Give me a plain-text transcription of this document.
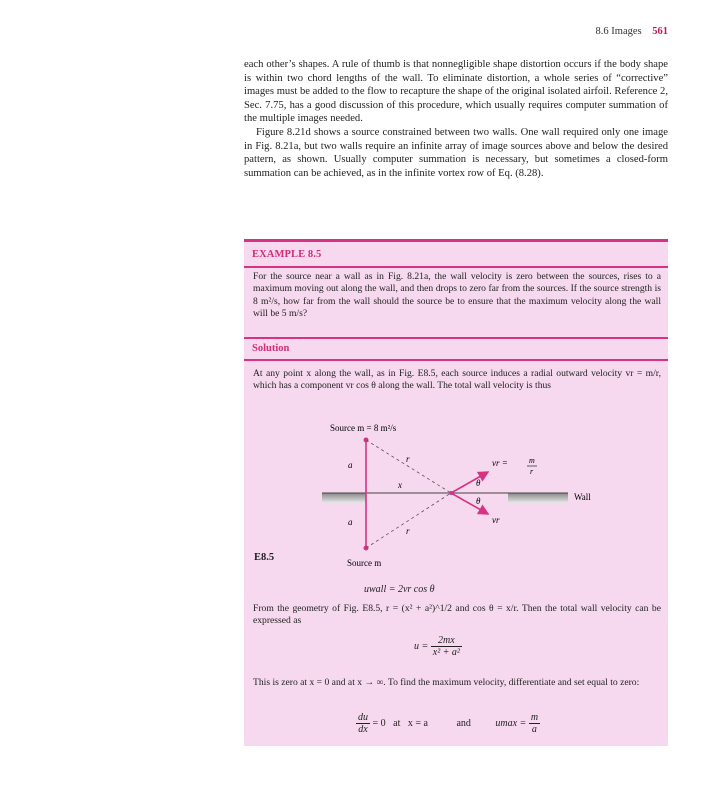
8.6 Images 561

each other’s shapes. A rule of thumb is that nonnegligible shape distortion occurs if the body shape is within two chord lengths of the wall. To eliminate distortion, a whole series of “corrective” images must be added to the flow to recapture the shape of the original isolated airfoil. Reference 2, Sec. 7.75, has a good discussion of this procedure, which usually requires computer summation of the multiple images needed.

Figure 8.21d shows a source constrained between two walls. One wall required only one image in Fig. 8.21a, but two walls require an infinite array of image sources above and below the desired pattern, as shown. Usually computer summation is necessary, but sometimes a closed-form summation can be achieved, as in the infinite vortex row of Eq. (8.28).

EXAMPLE 8.5

For the source near a wall as in Fig. 8.21a, the wall velocity is zero between the sources, rises to a maximum moving out along the wall, and then drops to zero far from the sources. If the source strength is 8 m²/s, how far from the wall should the source be to ensure that the maximum velocity along the wall will be 5 m/s?

Solution

At any point x along the wall, as in Fig. E8.5, each source induces a radial outward velocity vr = m/r, which has a component vr cos θ along the wall. The total wall velocity is thus

Source m = 8 m²/s
Source m
Wall
a
a
r
r
x	θ
θ
vr =	m
r
vr
uwall = 2vr cos θ

From the geometry of Fig. E8.5, r = (x² + a²)^1/2 and cos θ = x/r. Then the total wall velocity can be expressed as

$u = \frac{2mx}{\text{x² + a²}}$

This is zero at x = 0 and at x → ∞. To find the maximum velocity, differentiate and set equal to zero:

$\frac{du}{dx} = 0$   at   x = a	and $umax = \frac{m}{a}$
E8.5
